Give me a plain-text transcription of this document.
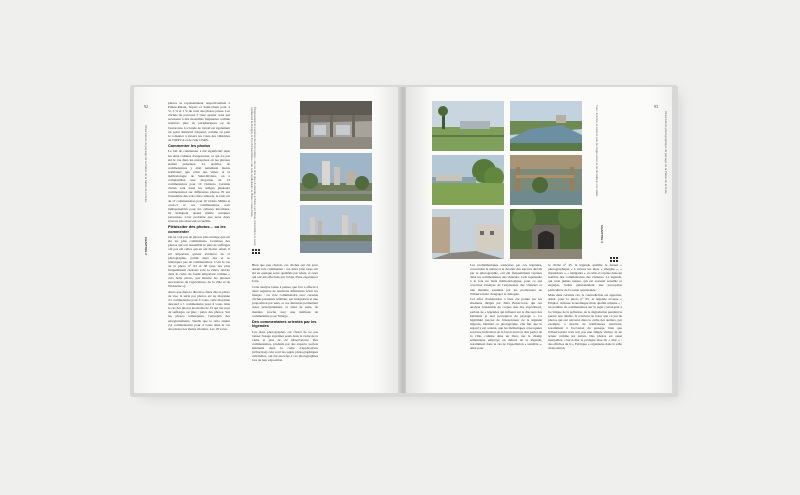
92
Observatoire du paysage de la Plaine de la Vallée de la Seine
CHAPITRE 3

photos se représentaient respectivement à Plaine-Rétais, Seyers et Saint-Ouen pour 4 %, 3 % et 1 % du total des photos prises. Les clichés du parcours 5 chez ajouter ceux qui recensent à des modalités fréquentes comme relatives plus de périphériques ou de l'autoroute. La bande de travail est également un point distinctif fréquent, comme on peut le constater à travers les voies des véhicules de l'OPPCA et de l'élu CNRS.

Commenter les photos

Le fait de commenter a été significatif dans les deux cultures d'expression, ce qui n'a pas été le cas dans les entreprises où les phrases étaient présentes. Le nombre de commentaires y était nettement moins nombreux que celui des villes. À la méthodologie de Saint-Rivière, on a comptabilisé une moyenne de 13 commentaires pour 10 visiteurs. Certains clients sont aussi les rédigés plusieurs commentaires sur différentes photos. Et sur l'ensemble des trois sites culturels, le ratio est de 17 commentaires pour 10 visites. Même si ceux-ci et ces commentaires sont indispensables pour les cultures informées, ils indiquent quand même certaines personnes. C'est probable que nous deux n'avons pas assez été accueillis.

Plébisciter des photos… ou les commenter

On ne voit pas de photos plus étrange qui ont été les plus commentées. Certaines des photos qui ont rassemblé le plus de suffrages ont pas été celles qui en ont moins. Ainsi, il est important qu'une évidence de la photographie, parmi deux des et se remarquer pas de commentaires. C'est le cas de la photo n° 93 et 38 (une des plus fréquemment choisies sont la vidéo, décrite dans le cadre du fondé emportant comme « cela belle photo, qui montre les phrases successives de l'agriculture, de la ville et de l'industrie »).

Alors que dans la directive fixée dès sa photo de vue, la série par photos est au moyenne d'1 commentaire pour 4 votes, cette moyenne descend à 1 commentaire pour 4 votes dans le cas des photos les moins de 15 qui ont reçu de suffrages ou plus : pièce des photos. Sur les photos remarquées, l'entrepris des enregistrements. Tandis que le ratio atteint 2,2 commentaires pour 4 votes dans le cas des photos les moins choisies. Les 18 votes.

Élargissement du Carrefour des Trois Lampes : une vue de la place du marché, la Pointe vers Bécon, Aubervilliers, le centre commercial de Bobigny, le Fort d'Aubervilliers et une zone pavillonnaire, la Plaine et Saint-Denis.

Bien que peu choisis, ces clichés ont été pour autant très commentés : ces deux plus rares ont été en quelque sorte qualifiés par relais, et ceux qui ont été effectués par l'objet d'une expérience forte.

Cette analyse laisse à penser que l'on a affecté à deux registres de réactions différentes selon les images : on vote commentaire avec certains clichés présentés reflétant, par intégration et une proposition par sens, et ces dernières permettent assez principalement, et ainsi de suite, de manière proche avec une méthode de commentaire pour l'image.

Des commentaires orientés par les légendes

Les deux photographes ont choisi de ne pas laisser l'usage exprimer seuls dans le cadre de la visite et plus de 22 Observatoire. Des commentaires, produits par des experts, parfois habituels dans la cadre d'applicatives (réfraction) cela sont les sujets photographiques culturelles, ont été associés à ces photographies lors de leur exposition.

93
Observatoire photographique du paysage de la Plaine de la Seine
CHAPITRE 3
Vues : la rivière, le canal, le pont, les berges vertes, la rue de banlieue et le tunnel.

Les problématiques soulevées par ces légendes, concernant la nature et le devenir des espaces décrits par la photographie, ont été fréquemment reprises dans les commentaires des visiteurs. Cela représente à la fois un biais méthodologique, pour ce qui concerne l'analyse de l'expression des visiteurs et une manière assumée par les promoteurs de l'Observatoire d'engager le dialogue.

Cet effet d'orientation a bien été pointé par les étudiants dirigés par Julia Bonaccorsi, qui ont analysé l'ensemble du corpus issu des expositions, parlant de « légendes qui influent sur le discours des habitants et leur perception du paysage ». La légitimité perçue de l'énonciateur de la légende importe, habitant ou photographe, elle fait que le regard y est orienté, que les thématiques convoquées sont une indication de la façon dont on doit parler de la ville, comme dans un livre, sur le champ sémantique employé en dehors de la légende, notamment dans le cas de l'appellation « sensible », ainsi pour

le cliché n° 45, la légende qualifie le tunnel « photographique » à travers les mots « imagine », « mystérieux », « intrigants », et celle-ci reprise dans un nombre des commentaires des visiteurs. La légende, qui n'est jamais neutre, qui est souvent sensible et engagée, induit généralement une perception particulière de la scène représentée.

Mais dans certains cas, la contradiction est apportée. Ainsi, pour la photo n° 93, la légende évoque « Emploi, richesse économique mais qualité urbaine » : un nombre de commentaires sur le sujet convergent à la critique de la pollution, de la dégradation pendant la guerre aux détails. Il convient de noter que ce jeu de photos qui ont retrouvé dans le cadre des ateliers, par exemple, a suscité de nombreuses réactions, notamment à l'occasion du passage, bien que l'Observatoire n'en soit pas une simple vitrine, ni un acteur comme les autres. Des photos est aussi interpellée, c'est-à-dire la pratique élue du « mur » : des affiches de la « Fabrique » organisées dans la salle d'exposition.
